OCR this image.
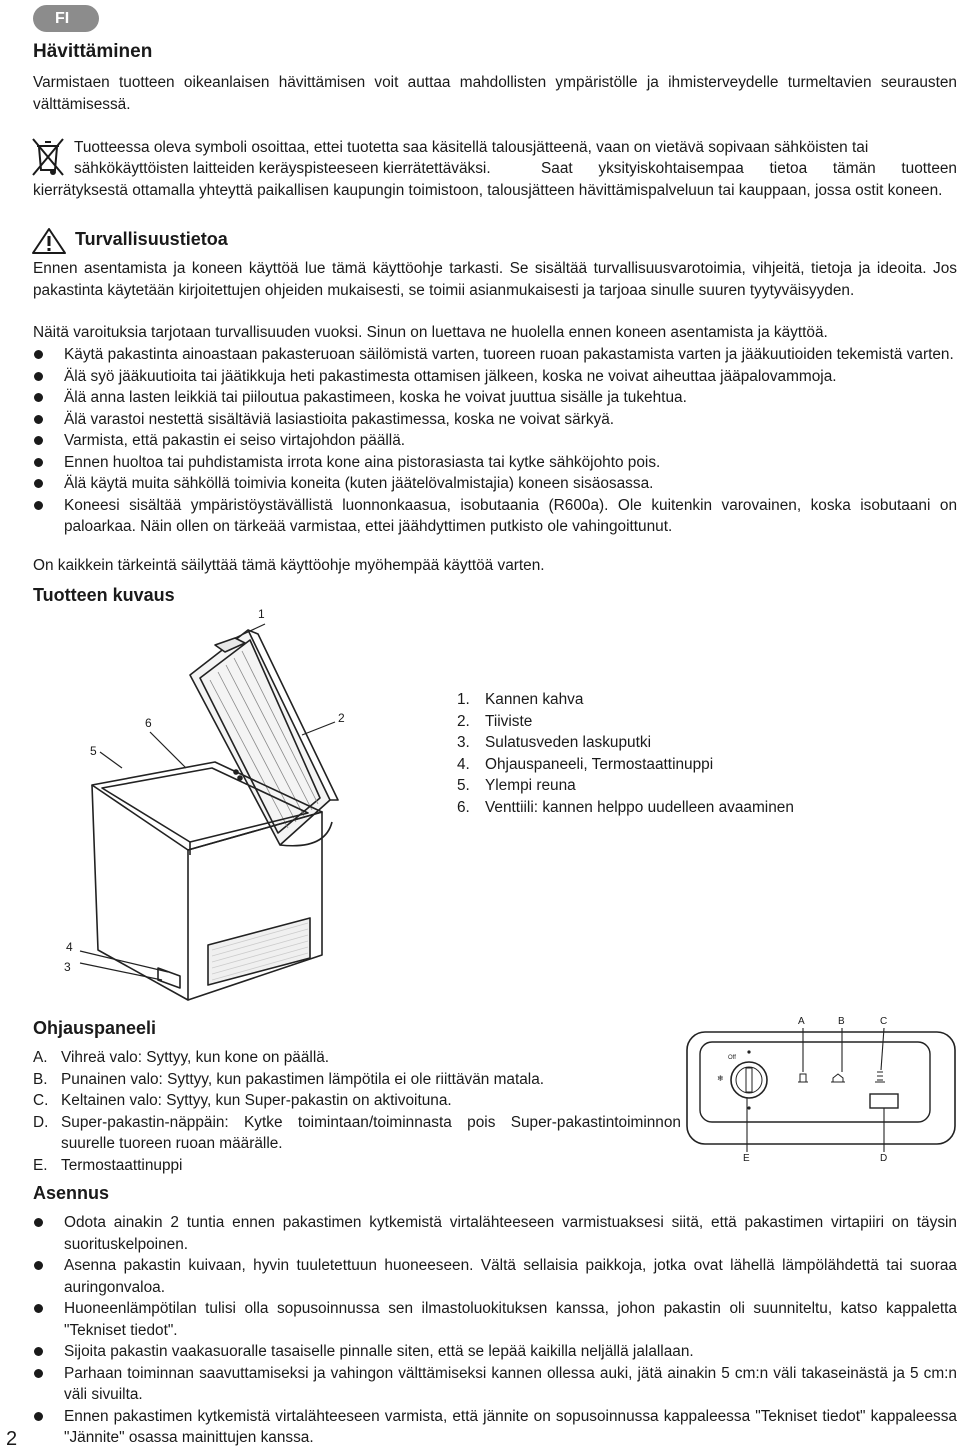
FI
Hävittäminen

Varmistaen tuotteen oikeanlaisen hävittämisen voit auttaa mahdollisten ympäristölle ja ihmisterveydelle turmeltavien seurausten välttämisessä.

Tuotteessa oleva symboli osoittaa, ettei tuotetta saa käsitellä talousjätteenä, vaan on vietävä sopivaan sähköisten tai

sähkökäyttöisten laitteiden keräyspisteeseen kierrätettäväksi.	Saat yksityiskohtaisempaa tietoa tämän tuotteen kierrätyksestä ottamalla yhteyttä paikallisen kaupungin toimistoon, talousjätteen hävittämispalveluun tai kauppaan, jossa ostit koneen.

Turvallisuustietoa

Ennen asentamista ja koneen käyttöä lue tämä käyttöohje tarkasti. Se sisältää turvallisuusvarotoimia, vihjeitä, tietoja ja ideoita. Jos pakastinta käytetään kirjoitettujen ohjeiden mukaisesti, se toimii asianmukaisesti ja tarjoaa sinulle suuren tyytyväisyyden.

Näitä varoituksia tarjotaan turvallisuuden vuoksi. Sinun on luettava ne huolella ennen koneen asentamista ja käyttöä.

Käytä pakastinta ainoastaan pakasteruoan säilömistä varten, tuoreen ruoan pakastamista varten ja jääkuutioiden tekemistä varten.
Älä syö jääkuutioita tai jäätikkuja heti pakastimesta ottamisen jälkeen, koska ne voivat aiheuttaa jääpalovammoja.
Älä anna lasten leikkiä tai piiloutua pakastimeen, koska he voivat juuttua sisälle ja tukehtua.
Älä varastoi nestettä sisältäviä lasiastioita pakastimessa, koska ne voivat särkyä.
Varmista, että pakastin ei seiso virtajohdon päällä.
Ennen huoltoa tai puhdistamista irrota kone aina pistorasiasta tai kytke sähköjohto pois.
Älä käytä muita sähköllä toimivia koneita (kuten jäätelövalmistajia) koneen sisäosassa.
Koneesi sisältää ympäristöystävällistä luonnonkaasua, isobutaania (R600a). Ole kuitenkin varovainen, koska isobutaani on paloarkaa. Näin ollen on tärkeää varmistaa, ettei jäähdyttimen putkisto ole vahingoittunut.

On kaikkein tärkeintä säilyttää tämä käyttöohje myöhempää käyttöä varten.

Tuotteen kuvaus
1
2
3
4
5
6
1. Kannen kahva
2. Tiiviste
3. Sulatusveden laskuputki
4. Ohjauspaneeli, Termostaattinuppi
5. Ylempi reuna
6. Venttiili: kannen helppo uudelleen avaaminen
Ohjauspaneeli
A. Vihreä valo: Syttyy, kun kone on päällä.
B. Punainen valo: Syttyy, kun pakastimen lämpötila ei ole riittävän matala.
C. Keltainen valo: Syttyy, kun Super-pakastin on aktivoituna.
D. Super-pakastin-näppäin: Kytke toimintaan/toiminnasta pois Super-pakastintoiminnon suurelle tuoreen ruoan määrälle.
E. Termostaattinuppi
Off
❄
A	B	C
E	D
Asennus
Odota ainakin 2 tuntia ennen pakastimen kytkemistä virtalähteeseen varmistuaksesi siitä, että pakastimen virtapiiri on täysin suorituskelpoinen.
Asenna pakastin kuivaan, hyvin tuuletettuun huoneeseen. Vältä sellaisia paikkoja, jotka ovat lähellä lämpölähdettä tai suoraa auringonvaloa.
Huoneenlämpötilan tulisi olla sopusoinnussa sen ilmastoluokituksen kanssa, johon pakastin oli suunniteltu, katso kappaletta "Tekniset tiedot".
Sijoita pakastin vaakasuoralle tasaiselle pinnalle siten, että se lepää kaikilla neljällä jalallaan.
Parhaan toiminnan saavuttamiseksi ja vahingon välttämiseksi kannen ollessa auki, jätä ainakin 5 cm:n väli takaseinästä ja 5 cm:n väli sivuilta.
Ennen pakastimen kytkemistä virtalähteeseen varmista, että jännite on sopusoinnussa kappaleessa "Tekniset tiedot" kappaleessa "Jännite" osassa mainittujen kanssa.
2
